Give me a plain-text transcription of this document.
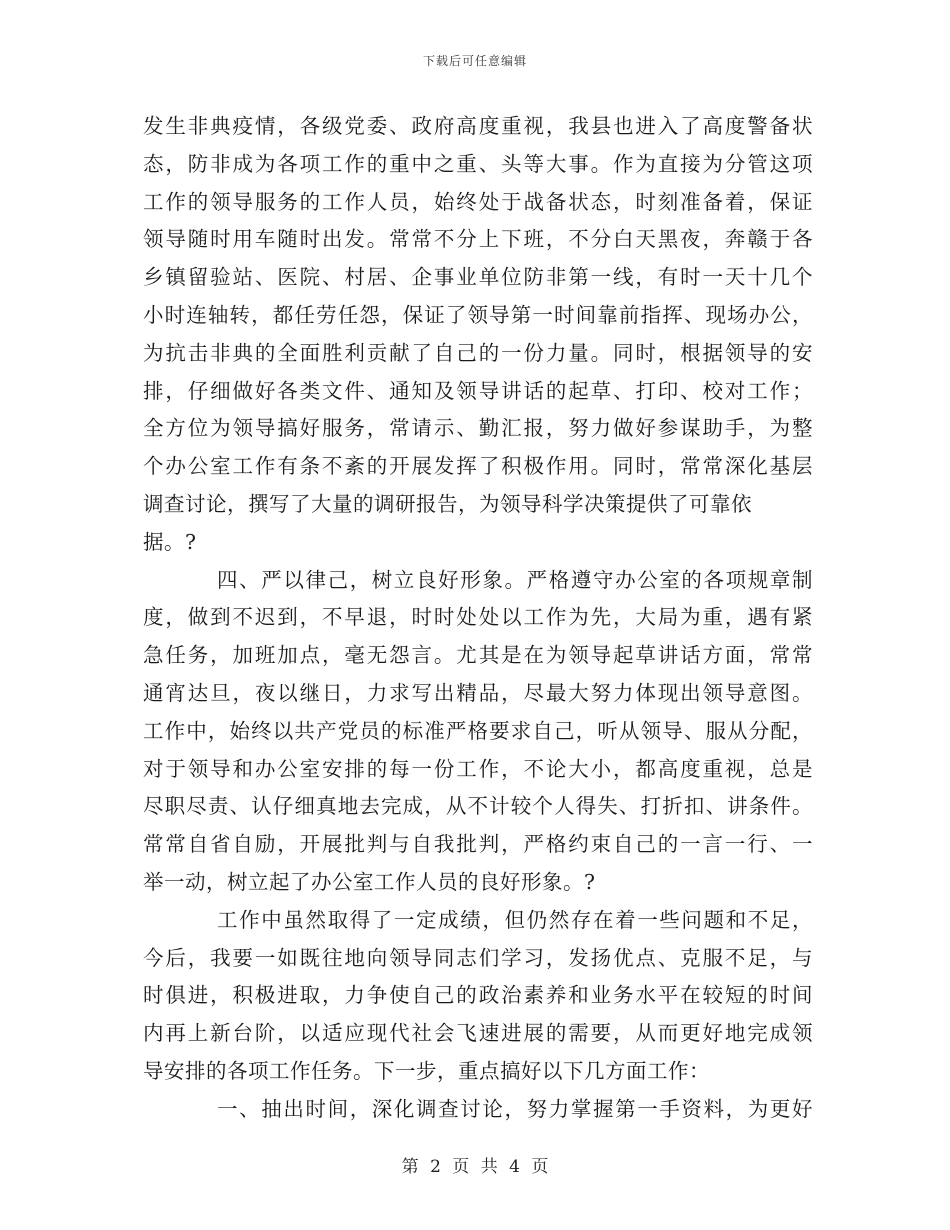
下载后可任意编辑
发生非典疫情，各级党委、政府高度重视，我县也进入了高度警备状
态，防非成为各项工作的重中之重、头等大事。作为直接为分管这项
工作的领导服务的工作人员，始终处于战备状态，时刻准备着，保证
领导随时用车随时出发。常常不分上下班，不分白天黑夜，奔赣于各
乡镇留验站、医院、村居、企事业单位防非第一线，有时一天十几个
小时连轴转，都任劳任怨，保证了领导第一时间靠前指挥、现场办公，
为抗击非典的全面胜利贡献了自己的一份力量。同时，根据领导的安
排，仔细做好各类文件、通知及领导讲话的起草、打印、校对工作；
全方位为领导搞好服务，常请示、勤汇报，努力做好参谋助手，为整
个办公室工作有条不紊的开展发挥了积极作用。同时，常常深化基层
调查讨论，撰写了大量的调研报告，为领导科学决策提供了可靠依
据。?
四、严以律己，树立良好形象。严格遵守办公室的各项规章制
度，做到不迟到，不早退，时时处处以工作为先，大局为重，遇有紧
急任务，加班加点，毫无怨言。尤其是在为领导起草讲话方面，常常
通宵达旦，夜以继日，力求写出精品，尽最大努力体现出领导意图。
工作中，始终以共产党员的标准严格要求自己，听从领导、服从分配，
对于领导和办公室安排的每一份工作，不论大小，都高度重视，总是
尽职尽责、认仔细真地去完成，从不计较个人得失、打折扣、讲条件。
常常自省自励，开展批判与自我批判，严格约束自己的一言一行、一
举一动，树立起了办公室工作人员的良好形象。?
工作中虽然取得了一定成绩，但仍然存在着一些问题和不足，
今后，我要一如既往地向领导同志们学习，发扬优点、克服不足，与
时俱进，积极进取，力争使自己的政治素养和业务水平在较短的时间
内再上新台阶，以适应现代社会飞速进展的需要，从而更好地完成领
导安排的各项工作任务。下一步，重点搞好以下几方面工作：
一、抽出时间，深化调查讨论，努力掌握第一手资料，为更好
第 2 页 共 4 页
